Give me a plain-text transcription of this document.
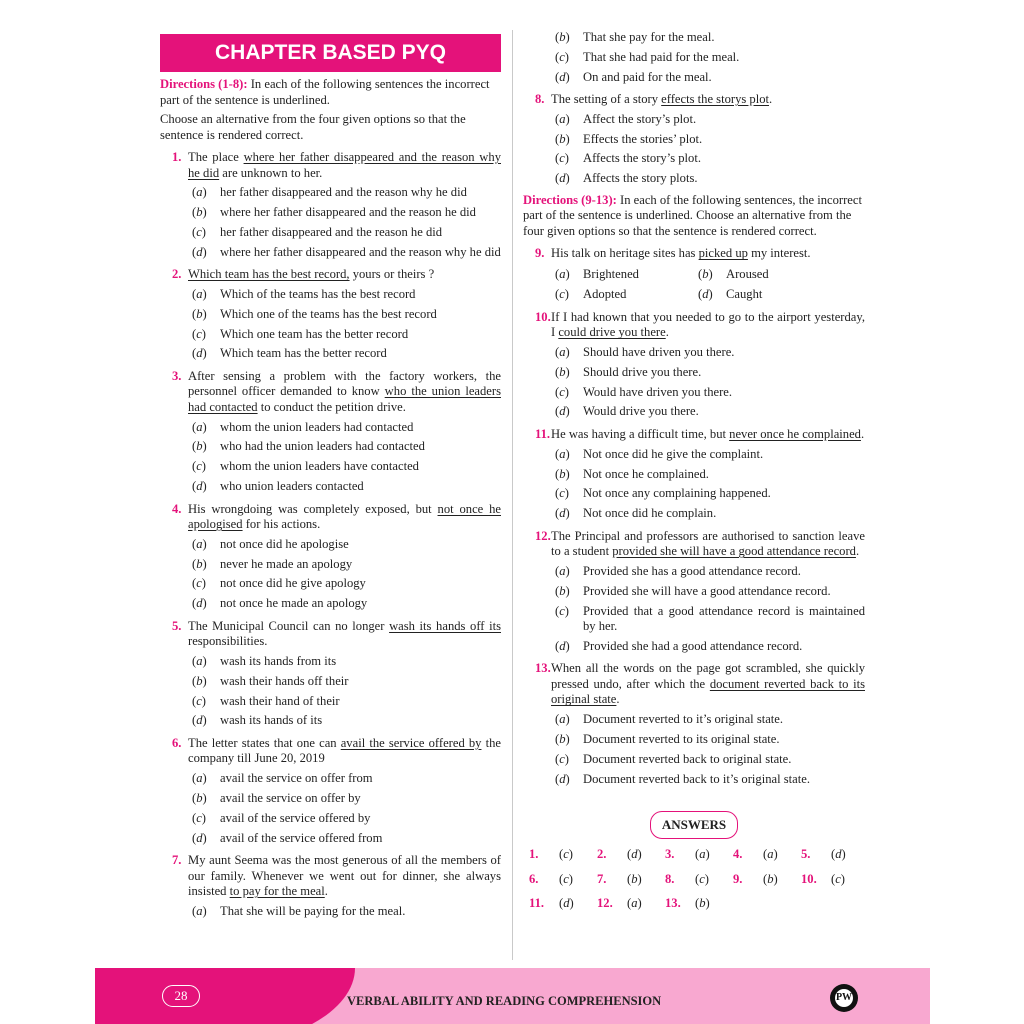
CHAPTER BASED PYQ
Directions (1-8): In each of the following sentences the incorrect part of the sentence is underlined.
Choose an alternative from the four given options so that the sentence is rendered correct.
1. The place where her father disappeared and the reason why he did are unknown to her.
( a )	her father disappeared and the reason why he did
( b )	where her father disappeared and the reason he did
( c )	her father disappeared and the reason he did
( d )	where her father disappeared and the reason why he did
2. Which team has the best record, yours or theirs ?
( a )	Which of the teams has the best record
( b )	Which one of the teams has the best record
( c )	Which one team has the better record
( d )	Which team has the better record
3. After sensing a problem with the factory workers, the personnel officer demanded to know who the union leaders had contacted to conduct the petition drive.
( a )	whom the union leaders had contacted
( b )	who had the union leaders had contacted
( c )	whom the union leaders have contacted
( d )	who union leaders contacted
4. His wrongdoing was completely exposed, but not once he apologised for his actions.
( a )	not once did he apologise
( b )	never he made an apology
( c )	not once did he give apology
( d )	not once he made an apology
5. The Municipal Council can no longer wash its hands off its responsibilities.
( a )	wash its hands from its
( b )	wash their hands off their
( c )	wash their hand of their
( d )	wash its hands of its
6. The letter states that one can avail the service offered by the company till June 20, 2019
( a )	avail the service on offer from
( b )	avail the service on offer by
( c )	avail of the service offered by
( d )	avail of the service offered from
7. My aunt Seema was the most generous of all the members of our family. Whenever we went out for dinner, she always insisted to pay for the meal.
( a )	That she will be paying for the meal.
( b )	That she pay for the meal.
( c )	That she had paid for the meal.
( d )	On and paid for the meal.
8. The setting of a story effects the storys plot.
( a )	Affect the story’s plot.
( b )	Effects the stories’ plot.
( c )	Affects the story’s plot.
( d )	Affects the story plots.
Directions (9-13): In each of the following sentences, the incorrect part of the sentence is underlined. Choose an alternative from the four given options so that the sentence is rendered correct.
9. His talk on heritage sites has picked up my interest.
( a )	Brightened	( b )	Aroused
( c )	Adopted	( d )	Caught
10. If I had known that you needed to go to the airport yesterday, I could drive you there.
( a )	Should have driven you there.
( b )	Should drive you there.
( c )	Would have driven you there.
( d )	Would drive you there.
11. He was having a difficult time, but never once he complained.
( a )	Not once did he give the complaint.
( b )	Not once he complained.
( c )	Not once any complaining happened.
( d )	Not once did he complain.
12. The Principal and professors are authorised to sanction leave to a student provided she will have a good attendance record.
( a )	Provided she has a good attendance record.
( b )	Provided she will have a good attendance record.
( c )	Provided that a good attendance record is maintained by her.
( d )	Provided she had a good attendance record.
13. When all the words on the page got scrambled, she quickly pressed undo, after which the document reverted back to its original state.
( a )	Document reverted to it’s original state.
( b )	Document reverted to its original state.
( c )	Document reverted back to original state.
( d )	Document reverted back to it’s original state.
ANSWERS
1.	( c )	2.	( d )	3.	( a )	4.	( a )	5.	( d )
6.	( c )	7.	( b )	8.	( c )	9.	( b )	10.	( c )
11.	( d )	12.	( a )	13.	( b )
28	VERBAL ABILITY AND READING COMPREHENSION	PW
